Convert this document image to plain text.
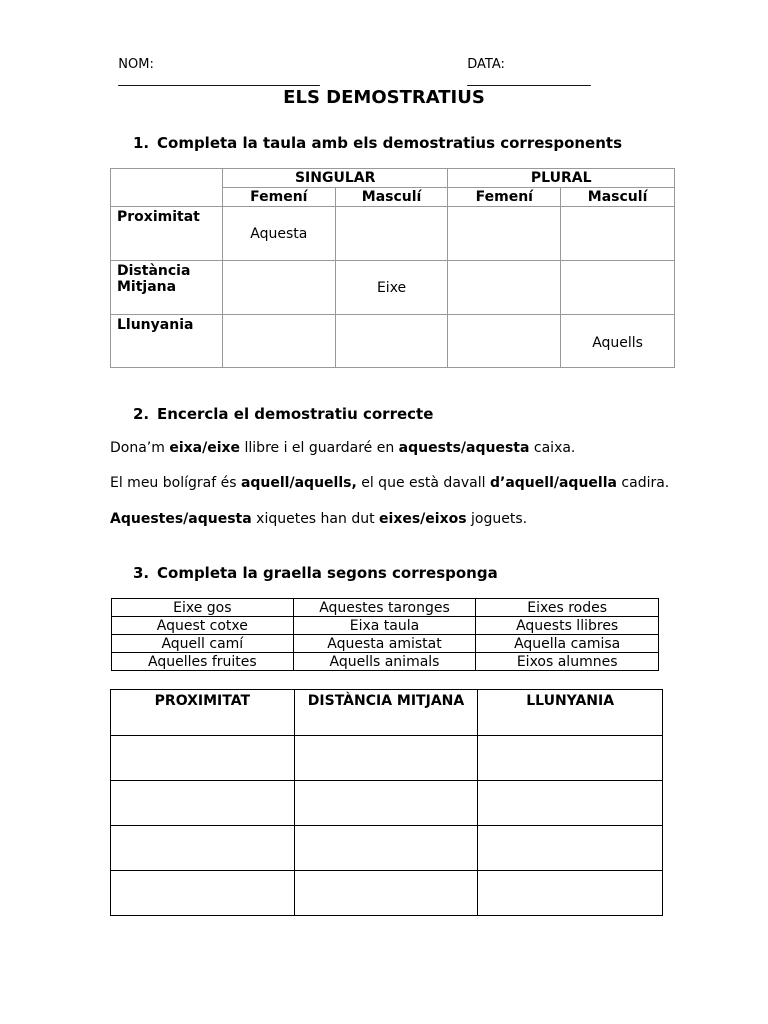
NOM:
_______________________________

DATA:
___________________

ELS DEMOSTRATIUS
1. Completa la taula amb els demostratius corresponents
	SINGULAR		PLURAL	
	Femení	Masculí	Femení	Masculí
Proximitat	Aquesta			
Distància Mitjana		Eixe		
Llunyania				Aquells
2. Encercla el demostratiu correcte
Dona’m eixa/eixe llibre i el guardaré en aquests/aquesta caixa.
El meu bolígraf és aquell/aquells, el que està davall d’aquell/aquella cadira.
Aquestes/aquesta xiquetes han dut eixes/eixos joguets.
3. Completa la graella segons corresponga
Eixe gos	Aquestes taronges	Eixes rodes
Aquest cotxe	Eixa taula	Aquests llibres
Aquell camí	Aquesta amistat	Aquella camisa
Aquelles fruites	Aquells animals	Eixos alumnes
PROXIMITAT	DISTÀNCIA MITJANA	LLUNYANIA
